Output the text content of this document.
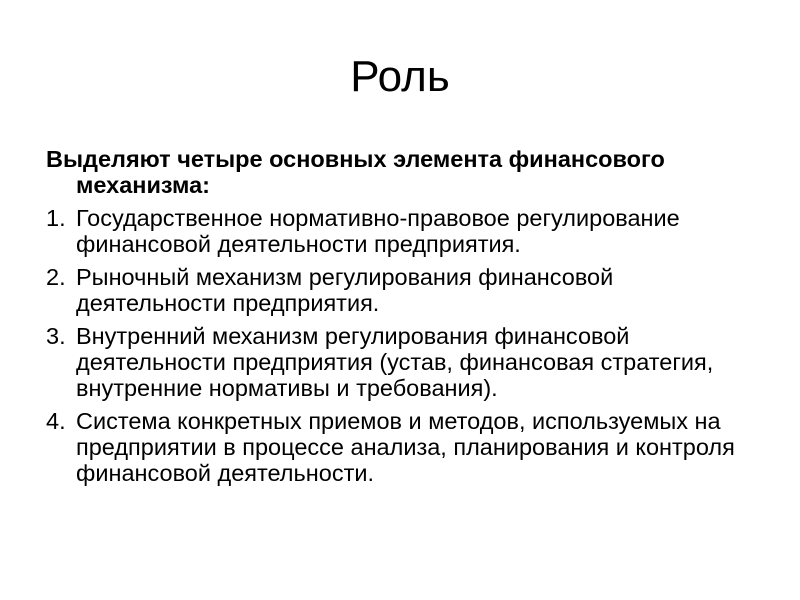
Роль

Выделяют четыре основных элемента финансового механизма:

1. Государственное нормативно-правовое регулирование финансовой деятельности предприятия.
2. Рыночный механизм регулирования финансовой деятельности предприятия.
3. Внутренний механизм регулирования финансовой деятельности предприятия (устав, финансовая стратегия, внутренние нормативы и требования).
4. Система конкретных приемов и методов, используемых на предприятии в процессе анализа, планирования и контроля финансовой деятельности.
